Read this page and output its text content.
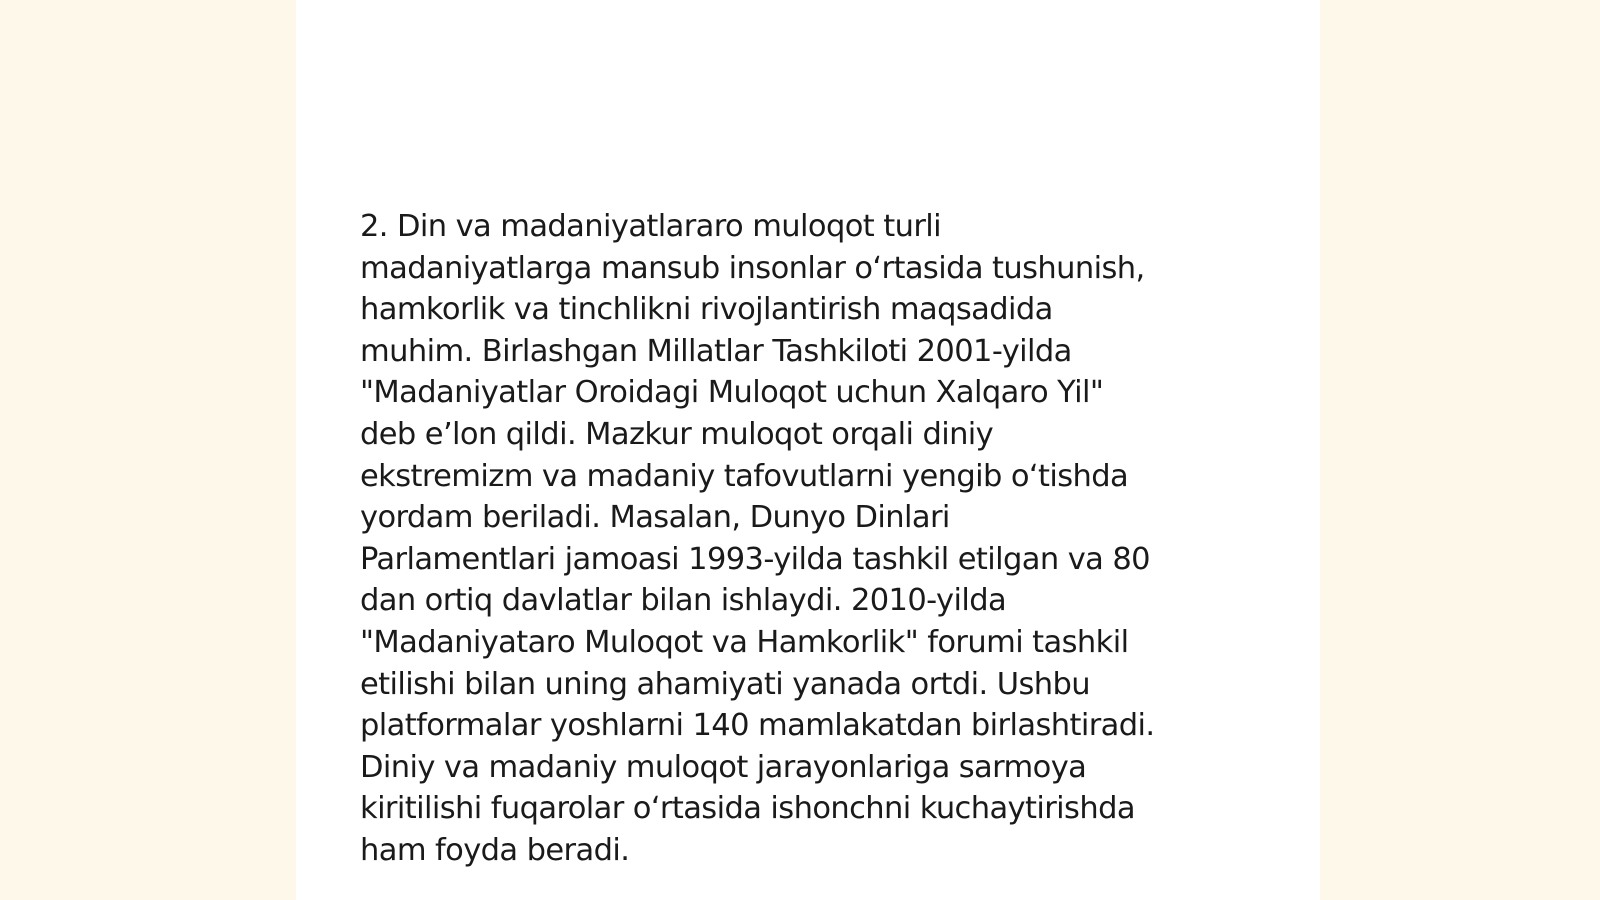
2. Din va madaniyatlararo muloqot turli
madaniyatlarga mansub insonlar o‘rtasida tushunish,
hamkorlik va tinchlikni rivojlantirish maqsadida
muhim. Birlashgan Millatlar Tashkiloti 2001-yilda
"Madaniyatlar Oroidagi Muloqot uchun Xalqaro Yil"
deb e’lon qildi. Mazkur muloqot orqali diniy
ekstremizm va madaniy tafovutlarni yengib o‘tishda
yordam beriladi. Masalan, Dunyo Dinlari
Parlamentlari jamoasi 1993-yilda tashkil etilgan va 80
dan ortiq davlatlar bilan ishlaydi. 2010-yilda
"Madaniyataro Muloqot va Hamkorlik" forumi tashkil
etilishi bilan uning ahamiyati yanada ortdi. Ushbu
platformalar yoshlarni 140 mamlakatdan birlashtiradi.
Diniy va madaniy muloqot jarayonlariga sarmoya
kiritilishi fuqarolar o‘rtasida ishonchni kuchaytirishda
ham foyda beradi.
